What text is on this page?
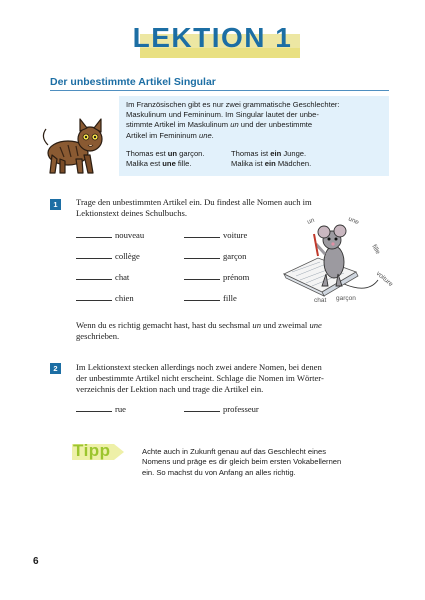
LEKTION 1
Der unbestimmte Artikel Singular

Im Französischen gibt es nur zwei grammatische Geschlechter:

Maskulinum und Femininum. Im Singular lautet der unbe-

stimmte Artikel im Maskulinum un und der unbestimmte

Artikel im Femininum une.

Thomas est un garçon.

Malika est une fille.

Thomas ist ein Junge.

Malika ist ein Mädchen.

1	Trage den unbestimmten Artikel ein. Du findest alle Nomen auch im

Lektionstext deines Schulbuchs.

nouveau	voiture
collège	garçon
chat	prénom
chien	fille
un	une
fille
voiture
chat garçon

Wenn du es richtig gemacht hast, hast du sechsmal un und zweimal une

geschrieben.

2	Im Lektionstext stecken allerdings noch zwei andere Nomen, bei denen

der unbestimmte Artikel nicht erscheint. Schlage die Nomen im Wörter-

verzeichnis der Lektion nach und trage die Artikel ein.

rue	professeur
Tipp	Achte auch in Zukunft genau auf das Geschlecht eines

Nomens und präge es dir gleich beim ersten Vokabellernen

ein. So machst du von Anfang an alles richtig.

6
